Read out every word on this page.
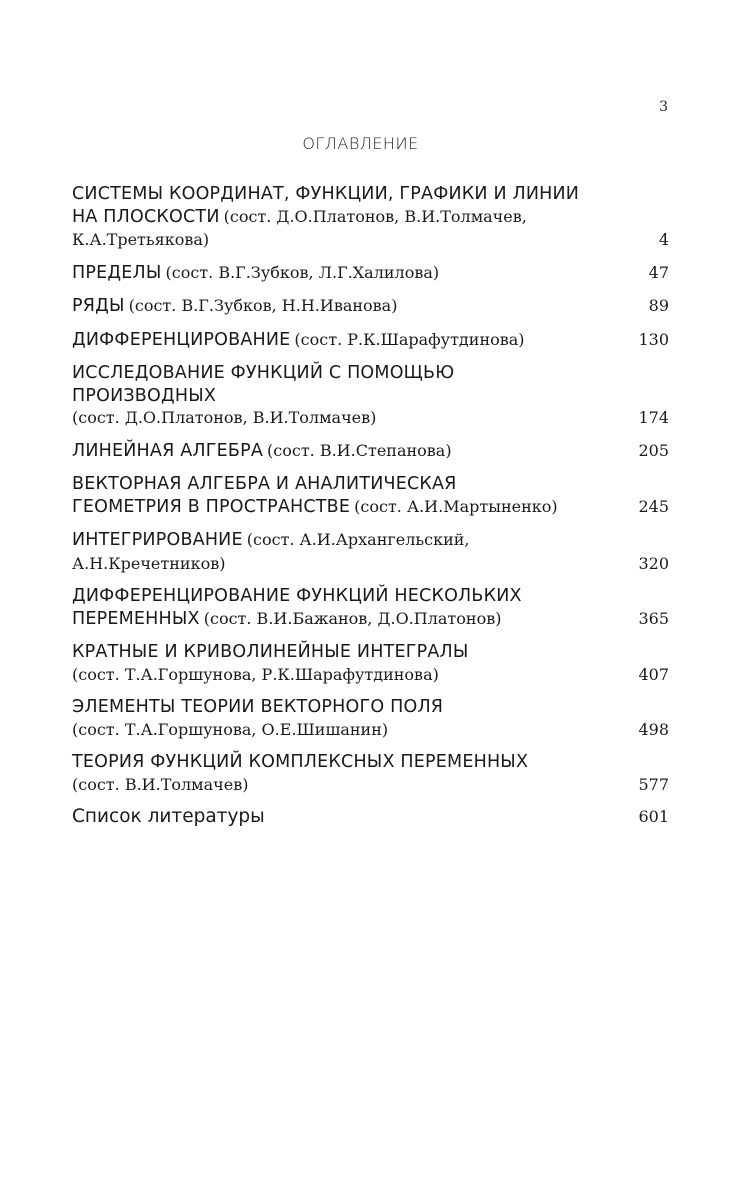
3
ОГЛАВЛЕНИЕ
СИСТЕМЫ КООРДИНАТ, ФУНКЦИИ, ГРАФИКИ И ЛИНИИ
НА ПЛОСКОСТИ (сост. Д.О.Платонов, В.И.Толмачев,
К.А.Третьякова)	4
ПРЕДЕЛЫ (сост. В.Г.Зубков, Л.Г.Халилова)	47
РЯДЫ (сост. В.Г.Зубков, Н.Н.Иванова)	89
ДИФФЕРЕНЦИРОВАНИЕ (сост. Р.К.Шарафутдинова)	130
ИССЛЕДОВАНИЕ ФУНКЦИЙ С ПОМОЩЬЮ
ПРОИЗВОДНЫХ
(сост. Д.О.Платонов, В.И.Толмачев)	174
ЛИНЕЙНАЯ АЛГЕБРА (сост. В.И.Степанова)	205
ВЕКТОРНАЯ АЛГЕБРА И АНАЛИТИЧЕСКАЯ
ГЕОМЕТРИЯ В ПРОСТРАНСТВЕ (сост. А.И.Мартыненко)	245
ИНТЕГРИРОВАНИЕ (сост. А.И.Архангельский,
А.Н.Кречетников)	320
ДИФФЕРЕНЦИРОВАНИЕ ФУНКЦИЙ НЕСКОЛЬКИХ
ПЕРЕМЕННЫХ (сост. В.И.Бажанов, Д.О.Платонов)	365
КРАТНЫЕ И КРИВОЛИНЕЙНЫЕ ИНТЕГРАЛЫ
(сост. Т.А.Горшунова, Р.К.Шарафутдинова)	407
ЭЛЕМЕНТЫ ТЕОРИИ ВЕКТОРНОГО ПОЛЯ
(сост. Т.А.Горшунова, О.Е.Шишанин)	498
ТЕОРИЯ ФУНКЦИЙ КОМПЛЕКСНЫХ ПЕРЕМЕННЫХ
(сост. В.И.Толмачев)	577
Список литературы	601
